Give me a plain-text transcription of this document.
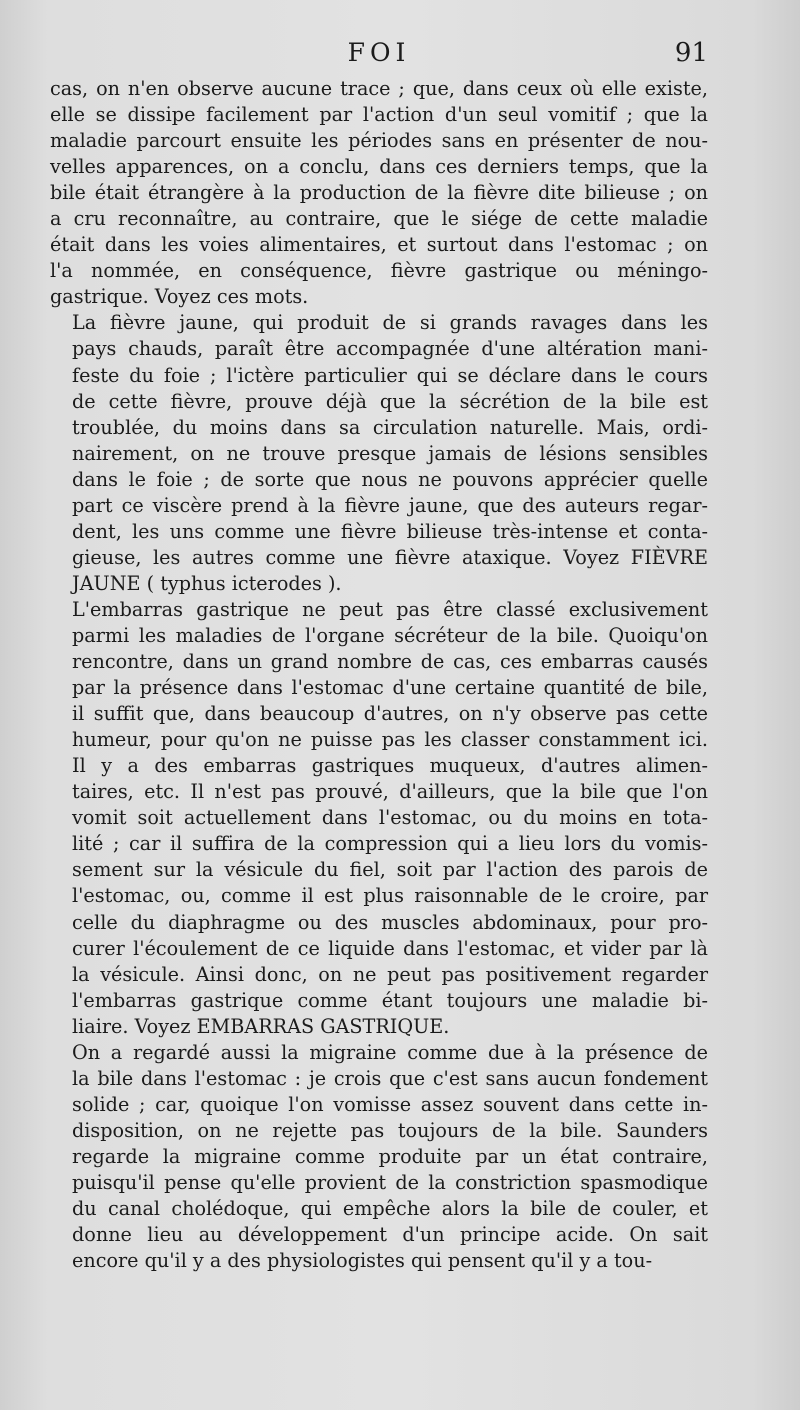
FOI	91

cas, on n'en observe aucune trace ; que, dans ceux où elle existe,
elle se dissipe facilement par l'action d'un seul vomitif ; que la
maladie parcourt ensuite les périodes sans en présenter de nou-
velles apparences, on a conclu, dans ces derniers temps, que la
bile était étrangère à la production de la fièvre dite bilieuse ; on
a cru reconnaître, au contraire, que le siége de cette maladie
était dans les voies alimentaires, et surtout dans l'estomac ; on
l'a nommée, en conséquence, fièvre gastrique ou méningo-
gastrique. Voyez ces mots.

La fièvre jaune, qui produit de si grands ravages dans les
pays chauds, paraît être accompagnée d'une altération mani-
feste du foie ; l'ictère particulier qui se déclare dans le cours
de cette fièvre, prouve déjà que la sécrétion de la bile est
troublée, du moins dans sa circulation naturelle. Mais, ordi-
nairement, on ne trouve presque jamais de lésions sensibles
dans le foie ; de sorte que nous ne pouvons apprécier quelle
part ce viscère prend à la fièvre jaune, que des auteurs regar-
dent, les uns comme une fièvre bilieuse très-intense et conta-
gieuse, les autres comme une fièvre ataxique. Voyez FIÈVRE
JAUNE ( typhus icterodes ).

L'embarras gastrique ne peut pas être classé exclusivement
parmi les maladies de l'organe sécréteur de la bile. Quoiqu'on
rencontre, dans un grand nombre de cas, ces embarras causés
par la présence dans l'estomac d'une certaine quantité de bile,
il suffit que, dans beaucoup d'autres, on n'y observe pas cette
humeur, pour qu'on ne puisse pas les classer constamment ici.
Il y a des embarras gastriques muqueux, d'autres alimen-
taires, etc. Il n'est pas prouvé, d'ailleurs, que la bile que l'on
vomit soit actuellement dans l'estomac, ou du moins en tota-
lité ; car il suffira de la compression qui a lieu lors du vomis-
sement sur la vésicule du fiel, soit par l'action des parois de
l'estomac, ou, comme il est plus raisonnable de le croire, par
celle du diaphragme ou des muscles abdominaux, pour pro-
curer l'écoulement de ce liquide dans l'estomac, et vider par là
la vésicule. Ainsi donc, on ne peut pas positivement regarder
l'embarras gastrique comme étant toujours une maladie bi-
liaire. Voyez EMBARRAS GASTRIQUE.

On a regardé aussi la migraine comme due à la présence de
la bile dans l'estomac : je crois que c'est sans aucun fondement
solide ; car, quoique l'on vomisse assez souvent dans cette in-
disposition, on ne rejette pas toujours de la bile. Saunders
regarde la migraine comme produite par un état contraire,
puisqu'il pense qu'elle provient de la constriction spasmodique
du canal cholédoque, qui empêche alors la bile de couler, et
donne lieu au développement d'un principe acide. On sait
encore qu'il y a des physiologistes qui pensent qu'il y a tou-
